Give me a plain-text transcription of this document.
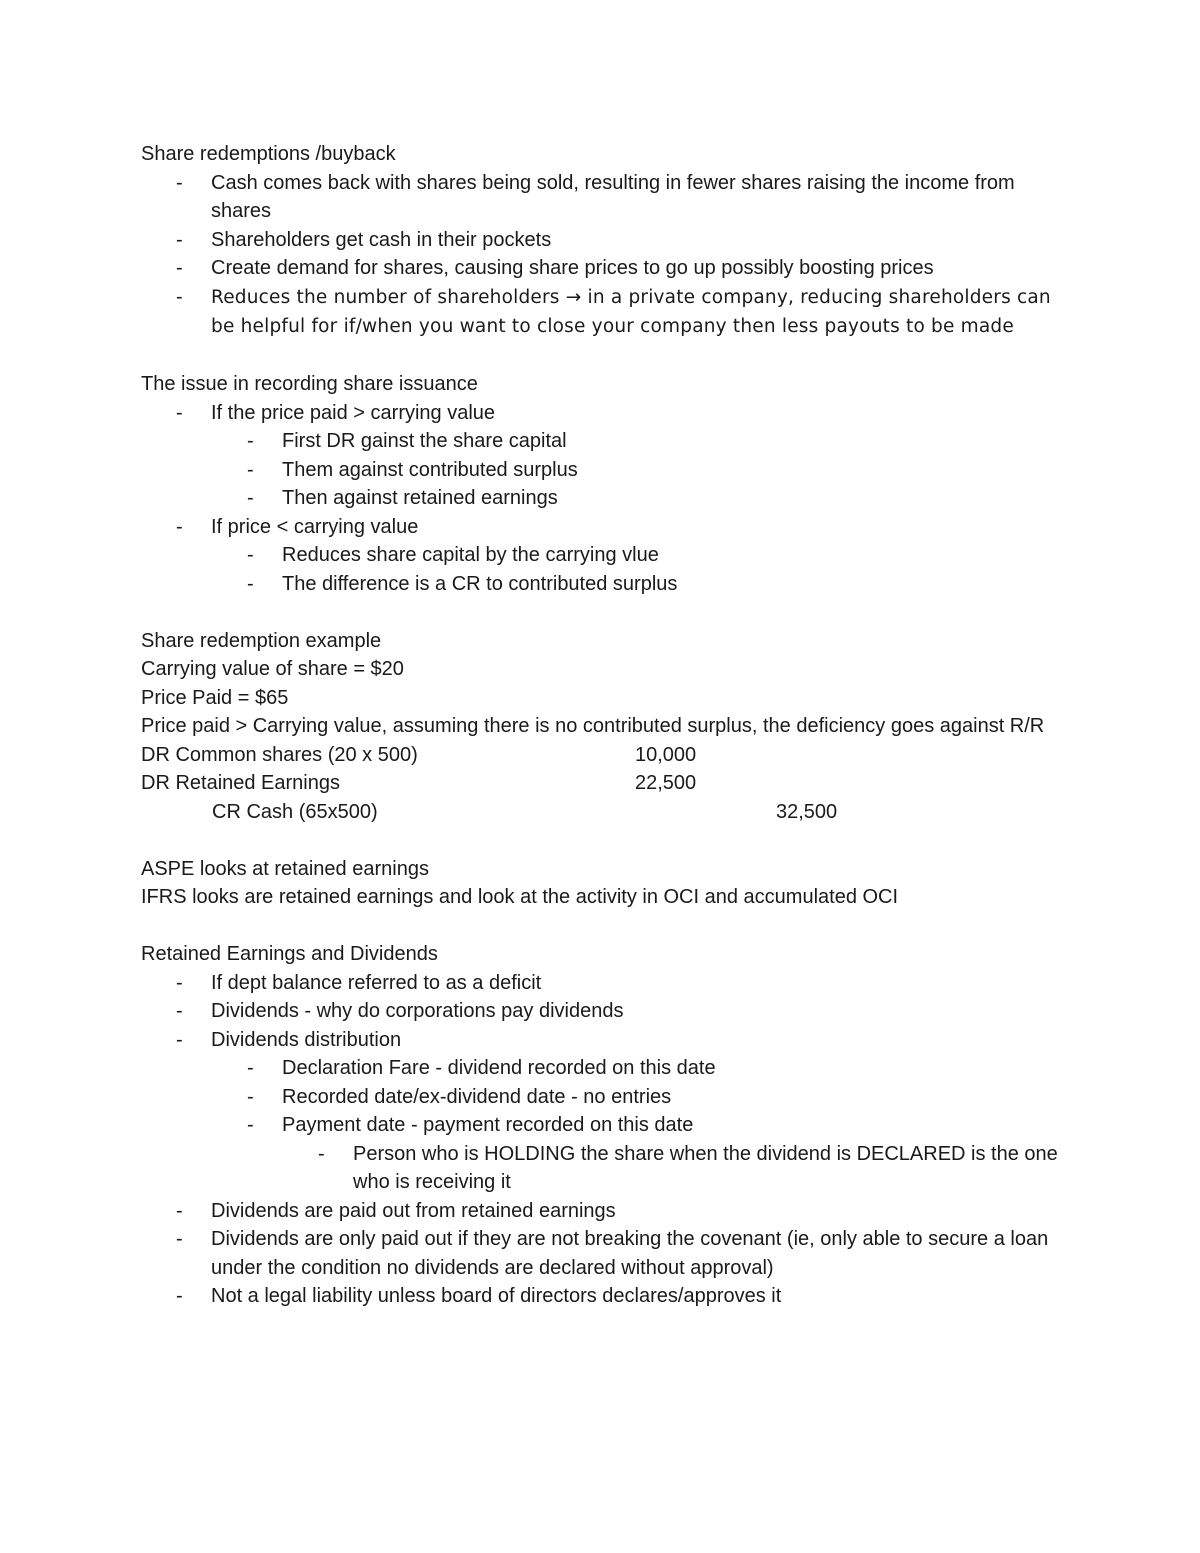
Share redemptions /buyback

- Cash comes back with shares being sold, resulting in fewer shares raising the income from shares
- Shareholders get cash in their pockets
- Create demand for shares, causing share prices to go up possibly boosting prices
- Reduces the number of shareholders → in a private company, reducing shareholders can be helpful for if/when you want to close your company then less payouts to be made

The issue in recording share issuance

- If the price paid > carrying value
- First DR gainst the share capital
- Them against contributed surplus
- Then against retained earnings
- If price < carrying value
- Reduces share capital by the carrying vlue
- The difference is a CR to contributed surplus

Share redemption example

Carrying value of share = $20

Price Paid = $65

Price paid > Carrying value, assuming there is no contributed surplus, the deficiency goes against R/R

DR Common shares (20 x 500)	10,000
DR Retained Earnings	22,500
CR Cash (65x500)	32,500

ASPE looks at retained earnings

IFRS looks are retained earnings and look at the activity in OCI and accumulated OCI

Retained Earnings and Dividends

- If dept balance referred to as a deficit
- Dividends - why do corporations pay dividends
- Dividends distribution
- Declaration Fare - dividend recorded on this date
- Recorded date/ex-dividend date - no entries
- Payment date - payment recorded on this date
- Person who is HOLDING the share when the dividend is DECLARED is the one who is receiving it
- Dividends are paid out from retained earnings
- Dividends are only paid out if they are not breaking the covenant (ie, only able to secure a loan under the condition no dividends are declared without approval)
- Not a legal liability unless board of directors declares/approves it
